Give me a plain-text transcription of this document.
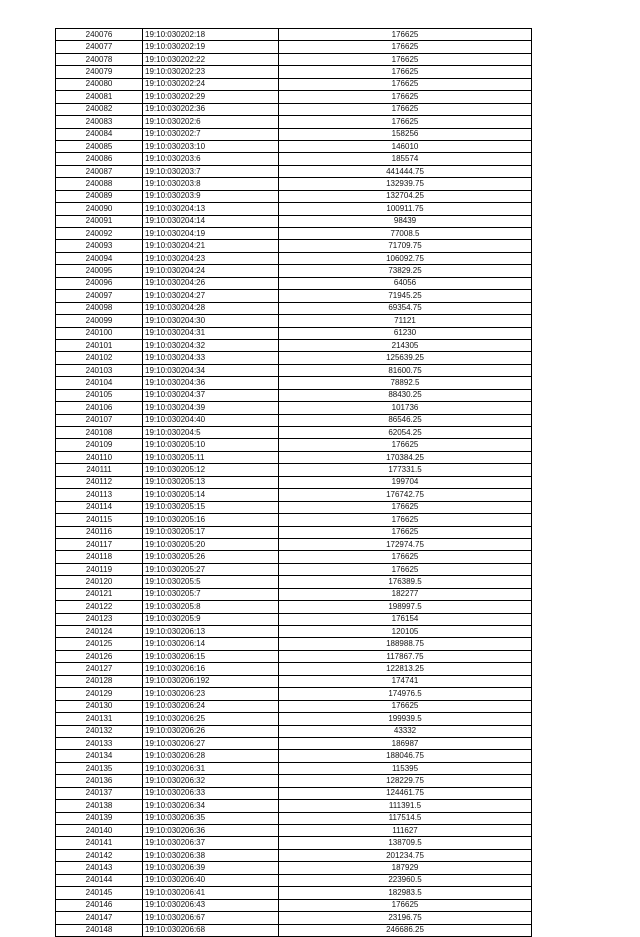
240076	19:10:030202:18	176625
240077	19:10:030202:19	176625
240078	19:10:030202:22	176625
240079	19:10:030202:23	176625
240080	19:10:030202:24	176625
240081	19:10:030202:29	176625
240082	19:10:030202:36	176625
240083	19:10:030202:6	176625
240084	19:10:030202:7	158256
240085	19:10:030203:10	146010
240086	19:10:030203:6	185574
240087	19:10:030203:7	441444.75
240088	19:10:030203:8	132939.75
240089	19:10:030203:9	132704.25
240090	19:10:030204:13	100911.75
240091	19:10:030204:14	98439
240092	19:10:030204:19	77008.5
240093	19:10:030204:21	71709.75
240094	19:10:030204:23	106092.75
240095	19:10:030204:24	73829.25
240096	19:10:030204:26	64056
240097	19:10:030204:27	71945.25
240098	19:10:030204:28	69354.75
240099	19:10:030204:30	71121
240100	19:10:030204:31	61230
240101	19:10:030204:32	214305
240102	19:10:030204:33	125639.25
240103	19:10:030204:34	81600.75
240104	19:10:030204:36	78892.5
240105	19:10:030204:37	88430.25
240106	19:10:030204:39	101736
240107	19:10:030204:40	86546.25
240108	19:10:030204:5	62054.25
240109	19:10:030205:10	176625
240110	19:10:030205:11	170384.25
240111	19:10:030205:12	177331.5
240112	19:10:030205:13	199704
240113	19:10:030205:14	176742.75
240114	19:10:030205:15	176625
240115	19:10:030205:16	176625
240116	19:10:030205:17	176625
240117	19:10:030205:20	172974.75
240118	19:10:030205:26	176625
240119	19:10:030205:27	176625
240120	19:10:030205:5	176389.5
240121	19:10:030205:7	182277
240122	19:10:030205:8	198997.5
240123	19:10:030205:9	176154
240124	19:10:030206:13	120105
240125	19:10:030206:14	188988.75
240126	19:10:030206:15	117867.75
240127	19:10:030206:16	122813.25
240128	19:10:030206:192	174741
240129	19:10:030206:23	174976.5
240130	19:10:030206:24	176625
240131	19:10:030206:25	199939.5
240132	19:10:030206:26	43332
240133	19:10:030206:27	186987
240134	19:10:030206:28	188046.75
240135	19:10:030206:31	115395
240136	19:10:030206:32	128229.75
240137	19:10:030206:33	124461.75
240138	19:10:030206:34	111391.5
240139	19:10:030206:35	117514.5
240140	19:10:030206:36	111627
240141	19:10:030206:37	138709.5
240142	19:10:030206:38	201234.75
240143	19:10:030206:39	187929
240144	19:10:030206:40	223960.5
240145	19:10:030206:41	182983.5
240146	19:10:030206:43	176625
240147	19:10:030206:67	23196.75
240148	19:10:030206:68	246686.25
